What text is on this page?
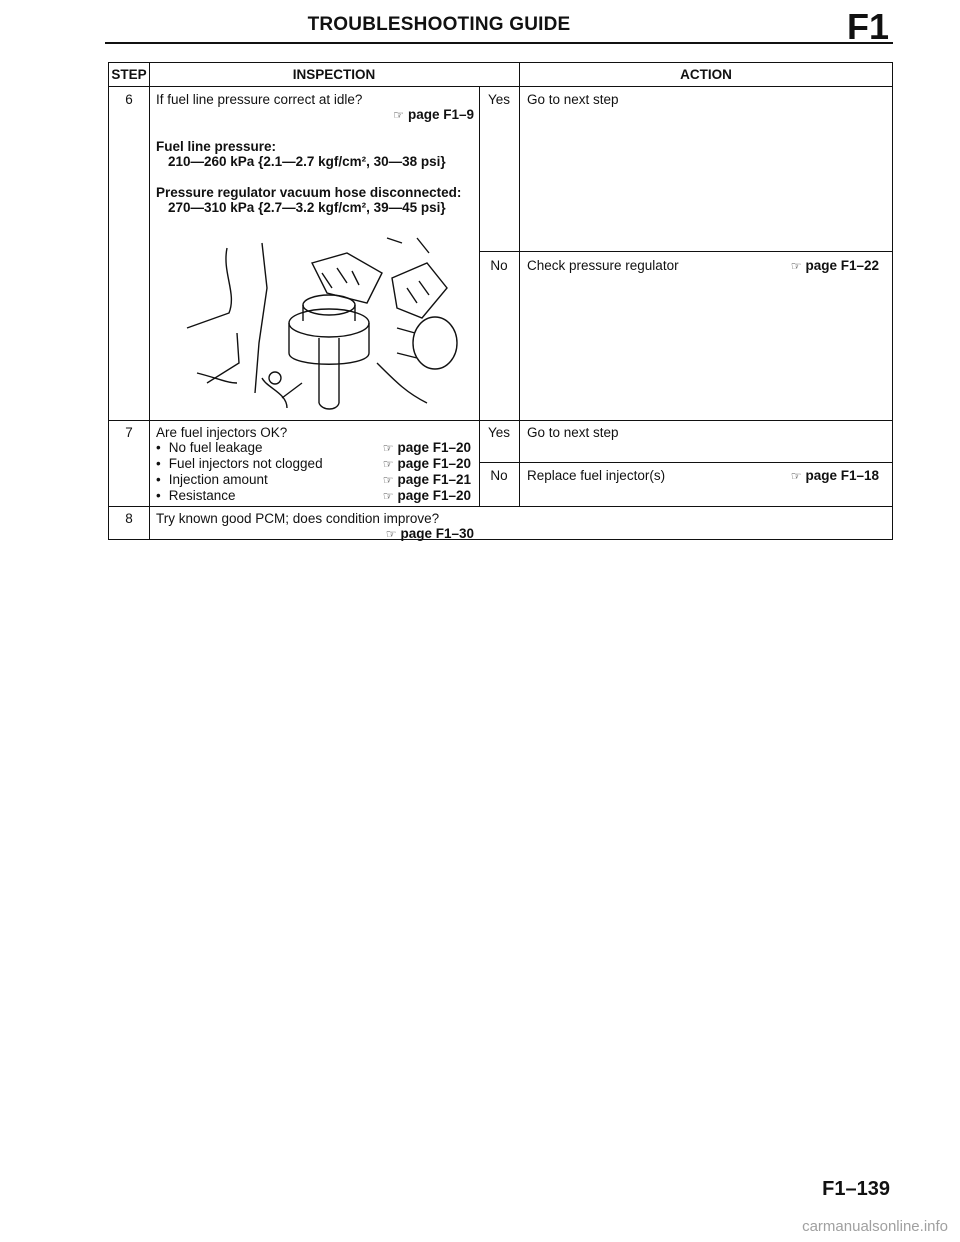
TROUBLESHOOTING GUIDE	F1
STEP	INSPECTION	ACTION
6	If fuel line pressure correct at idle?
☞ page F1–9
Fuel line pressure:
210—260 kPa {2.1—2.7 kgf/cm², 30—38 psi}
Pressure regulator vacuum hose disconnected:
270—310 kPa {2.7—3.2 kgf/cm², 39—45 psi}
Yes	Go to next step
No	Check pressure regulator	☞ page F1–22
7	Are fuel injectors OK?
• No fuel leakage	☞ page F1–20
• Fuel injectors not clogged	☞ page F1–20
• Injection amount	☞ page F1–21
• Resistance	☞ page F1–20
Yes	Go to next step
No	Replace fuel injector(s)	☞ page F1–18
8	Try known good PCM; does condition improve?
☞ page F1–30
F1–139
carmanualsonline.info
